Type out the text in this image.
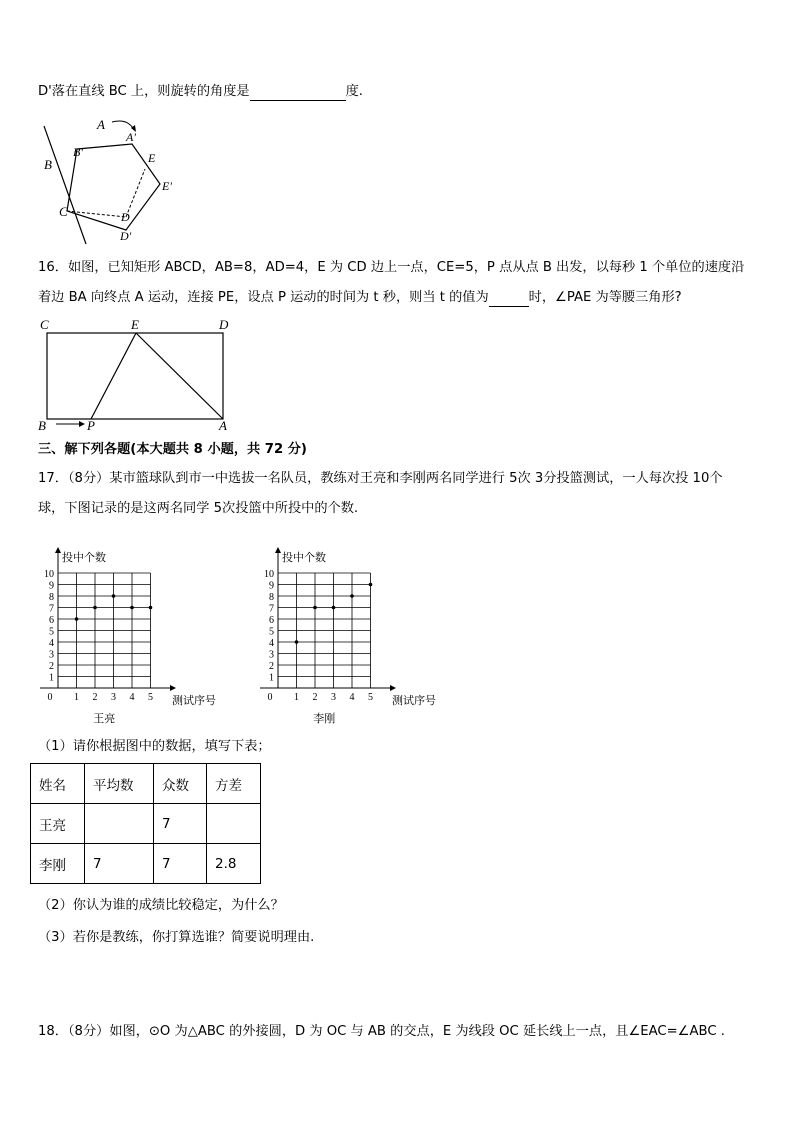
D'落在直线 BC 上，则旋转的角度是	度.
A
A'
B
B'	E
E'
C	D
D'
16．如图，已知矩形 ABCD，AB=8，AD=4，E 为 CD 边上一点，CE=5，P 点从点 B 出发，以每秒 1 个单位的速度沿
着边 BA 向终点 A 运动，连接 PE，设点 P 运动的时间为 t 秒，则当 t 的值为	时，∠PAE 为等腰三角形?
C	E	D
B	P	A
三、解下列各题(本大题共 8 小题，共 72 分)
17．（8分）某市篮球队到市一中选拔一名队员，教练对王亮和李刚两名同学进行 5次 3分投篮测试，一人每次投 10个
球，下图记录的是这两名同学 5次投篮中所投中的个数.
1
2
3
4
5
6
7
8
9
10
0 1 2 3 4 5
投中个数
测试序号
王亮
1
2
3
4
5
6
7
8
9
10
0 1 2 3 4 5
投中个数
测试序号
李刚
（1）请你根据图中的数据，填写下表；
姓名	平均数	众数	方差
王亮		7	
李刚	7	7	2.8
（2）你认为谁的成绩比较稳定，为什么？
（3）若你是教练，你打算选谁？简要说明理由.
18．（8分）如图，⊙O 为△ABC 的外接圆，D 为 OC 与 AB 的交点，E 为线段 OC 延长线上一点，且∠EAC=∠ABC .
